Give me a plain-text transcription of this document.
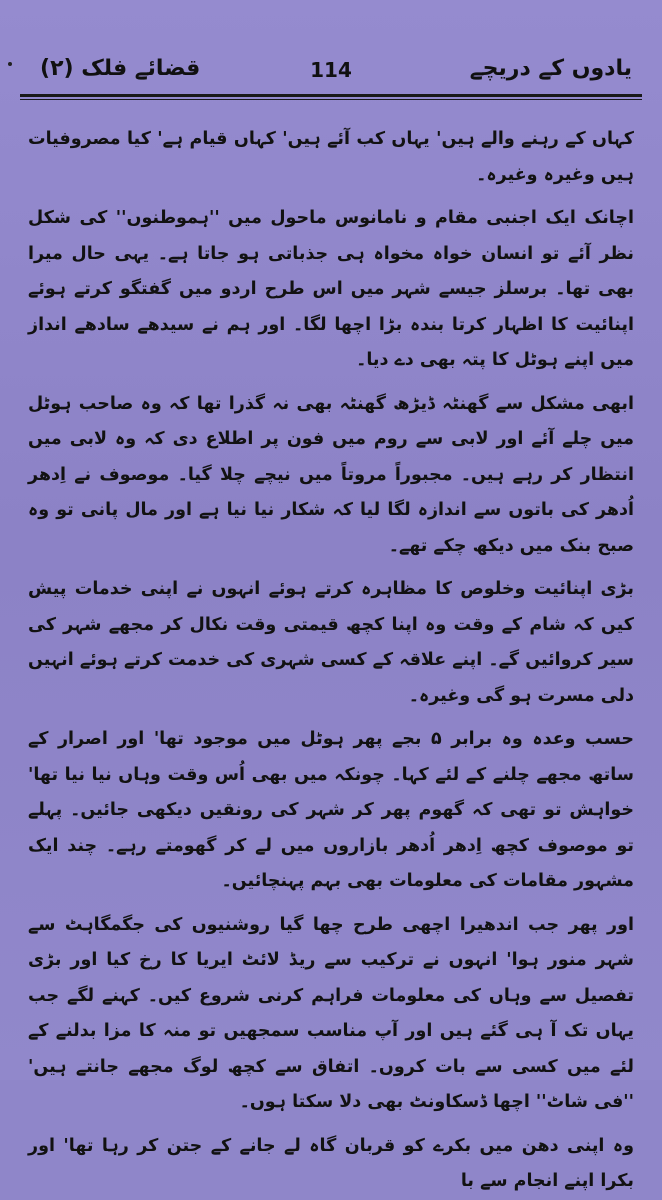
یادوں کے دریچے
114
قضائے فلک (۲)

کہاں کے رہنے والے ہیں' یہاں کب آئے ہیں' کہاں قیام ہے' کیا مصروفیات ہیں وغیرہ وغیرہ۔

اچانک ایک اجنبی مقام و نامانوس ماحول میں ''ہموطنوں'' کی شکل نظر آئے تو انسان خواہ مخواہ ہی جذباتی ہو جاتا ہے۔ یہی حال میرا بھی تھا۔ برسلز جیسے شہر میں اس طرح اردو میں گفتگو کرتے ہوئے اپنائیت کا اظہار کرتا بندہ بڑا اچھا لگا۔ اور ہم نے سیدھے سادھے انداز میں اپنے ہوٹل کا پتہ بھی دے دیا۔

ابھی مشکل سے گھنٹہ ڈیڑھ گھنٹہ بھی نہ گذرا تھا کہ وہ صاحب ہوٹل میں چلے آئے اور لابی سے روم میں فون پر اطلاع دی کہ وہ لابی میں انتظار کر رہے ہیں۔ مجبوراً مروتاً میں نیچے چلا گیا۔ موصوف نے اِدھر اُدھر کی باتوں سے اندازہ لگا لیا کہ شکار نیا نیا ہے اور مال پانی تو وہ صبح بنک میں دیکھ چکے تھے۔

بڑی اپنائیت وخلوص کا مظاہرہ کرتے ہوئے انہوں نے اپنی خدمات پیش کیں کہ شام کے وقت وہ اپنا کچھ قیمتی وقت نکال کر مجھے شہر کی سیر کروائیں گے۔ اپنے علاقہ کے کسی شہری کی خدمت کرتے ہوئے انہیں دلی مسرت ہو گی وغیرہ۔

حسب وعدہ وہ برابر ۵ بجے پھر ہوٹل میں موجود تھا' اور اصرار کے ساتھ مجھے چلنے کے لئے کہا۔ چونکہ میں بھی اُس وقت وہاں نیا نیا تھا' خواہش تو تھی کہ گھوم پھر کر شہر کی رونقیں دیکھی جائیں۔ پہلے تو موصوف کچھ اِدھر اُدھر بازاروں میں لے کر گھومتے رہے۔ چند ایک مشہور مقامات کی معلومات بھی بہم پہنچائیں۔

اور پھر جب اندھیرا اچھی طرح چھا گیا روشنیوں کی جگمگاہٹ سے شہر منور ہوا' انہوں نے ترکیب سے ریڈ لائٹ ایریا کا رخ کیا اور بڑی تفصیل سے وہاں کی معلومات فراہم کرنی شروع کیں۔ کہنے لگے جب یہاں تک آ ہی گئے ہیں اور آپ مناسب سمجھیں تو منہ کا مزا بدلنے کے لئے میں کسی سے بات کروں۔ اتفاق سے کچھ لوگ مجھے جانتے ہیں' ''فی شاٹ'' اچھا ڈسکاونٹ بھی دلا سکتا ہوں۔

وہ اپنی دھن میں بکرے کو قربان گاہ لے جانے کے جتن کر رہا تھا' اور بکرا اپنے انجام سے با
